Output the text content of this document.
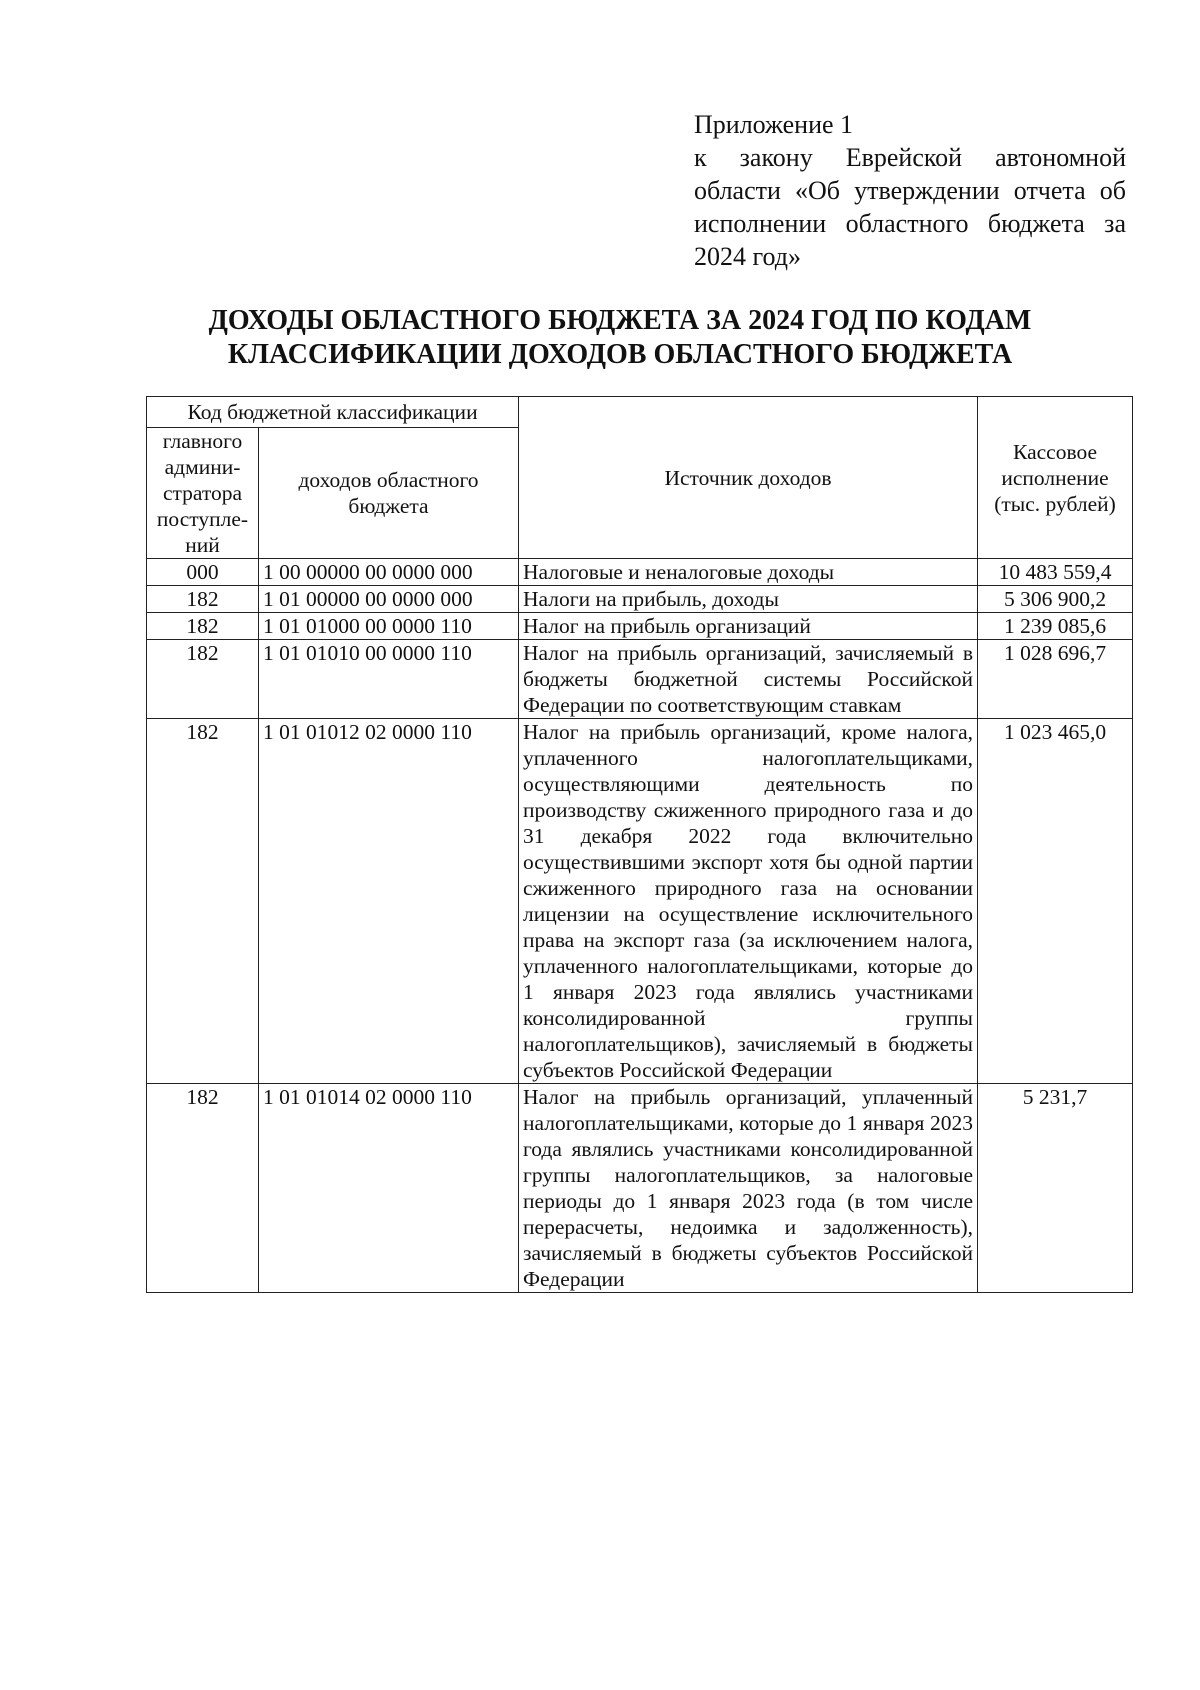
Приложение 1
к закону Еврейской автономной области «Об утверждении отчета об исполнении областного бюджета за 2024 год»
ДОХОДЫ ОБЛАСТНОГО БЮДЖЕТА ЗА 2024 ГОД ПО КОДАМ
КЛАССИФИКАЦИИ ДОХОДОВ ОБЛАСТНОГО БЮДЖЕТА
Код бюджетной классификации		Источник доходов	Кассовое исполнение (тыс. рублей)
главного админи-стратора поступле-ний	доходов областного бюджета		
000	1 00 00000 00 0000 000	Налоговые и неналоговые доходы	10 483 559,4
182	1 01 00000 00 0000 000	Налоги на прибыль, доходы	5 306 900,2
182	1 01 01000 00 0000 110	Налог на прибыль организаций	1 239 085,6
182	1 01 01010 00 0000 110	Налог на прибыль организаций, зачисляемый в бюджеты бюджетной системы Российской Федерации по соответствующим ставкам	1 028 696,7
182	1 01 01012 02 0000 110	Налог на прибыль организаций, кроме налога, уплаченного налогоплательщиками, осуществляющими деятельность по производству сжиженного природного газа и до 31 декабря 2022 года включительно осуществившими экспорт хотя бы одной партии сжиженного природного газа на основании лицензии на осуществление исключительного права на экспорт газа (за исключением налога, уплаченного налогоплательщиками, которые до 1 января 2023 года являлись участниками консолидированной группы налогоплательщиков), зачисляемый в бюджеты субъектов Российской Федерации	1 023 465,0
182	1 01 01014 02 0000 110	Налог на прибыль организаций, уплаченный налогоплательщиками, которые до 1 января 2023 года являлись участниками консолидированной группы налогоплательщиков, за налоговые периоды до 1 января 2023 года (в том числе перерасчеты, недоимка и задолженность), зачисляемый в бюджеты субъектов Российской Федерации	5 231,7
